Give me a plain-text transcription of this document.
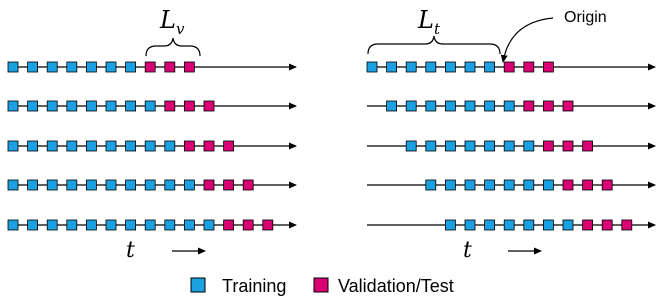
$L_v$	$L_t$
Origin
t	t
Training	Validation/Test
